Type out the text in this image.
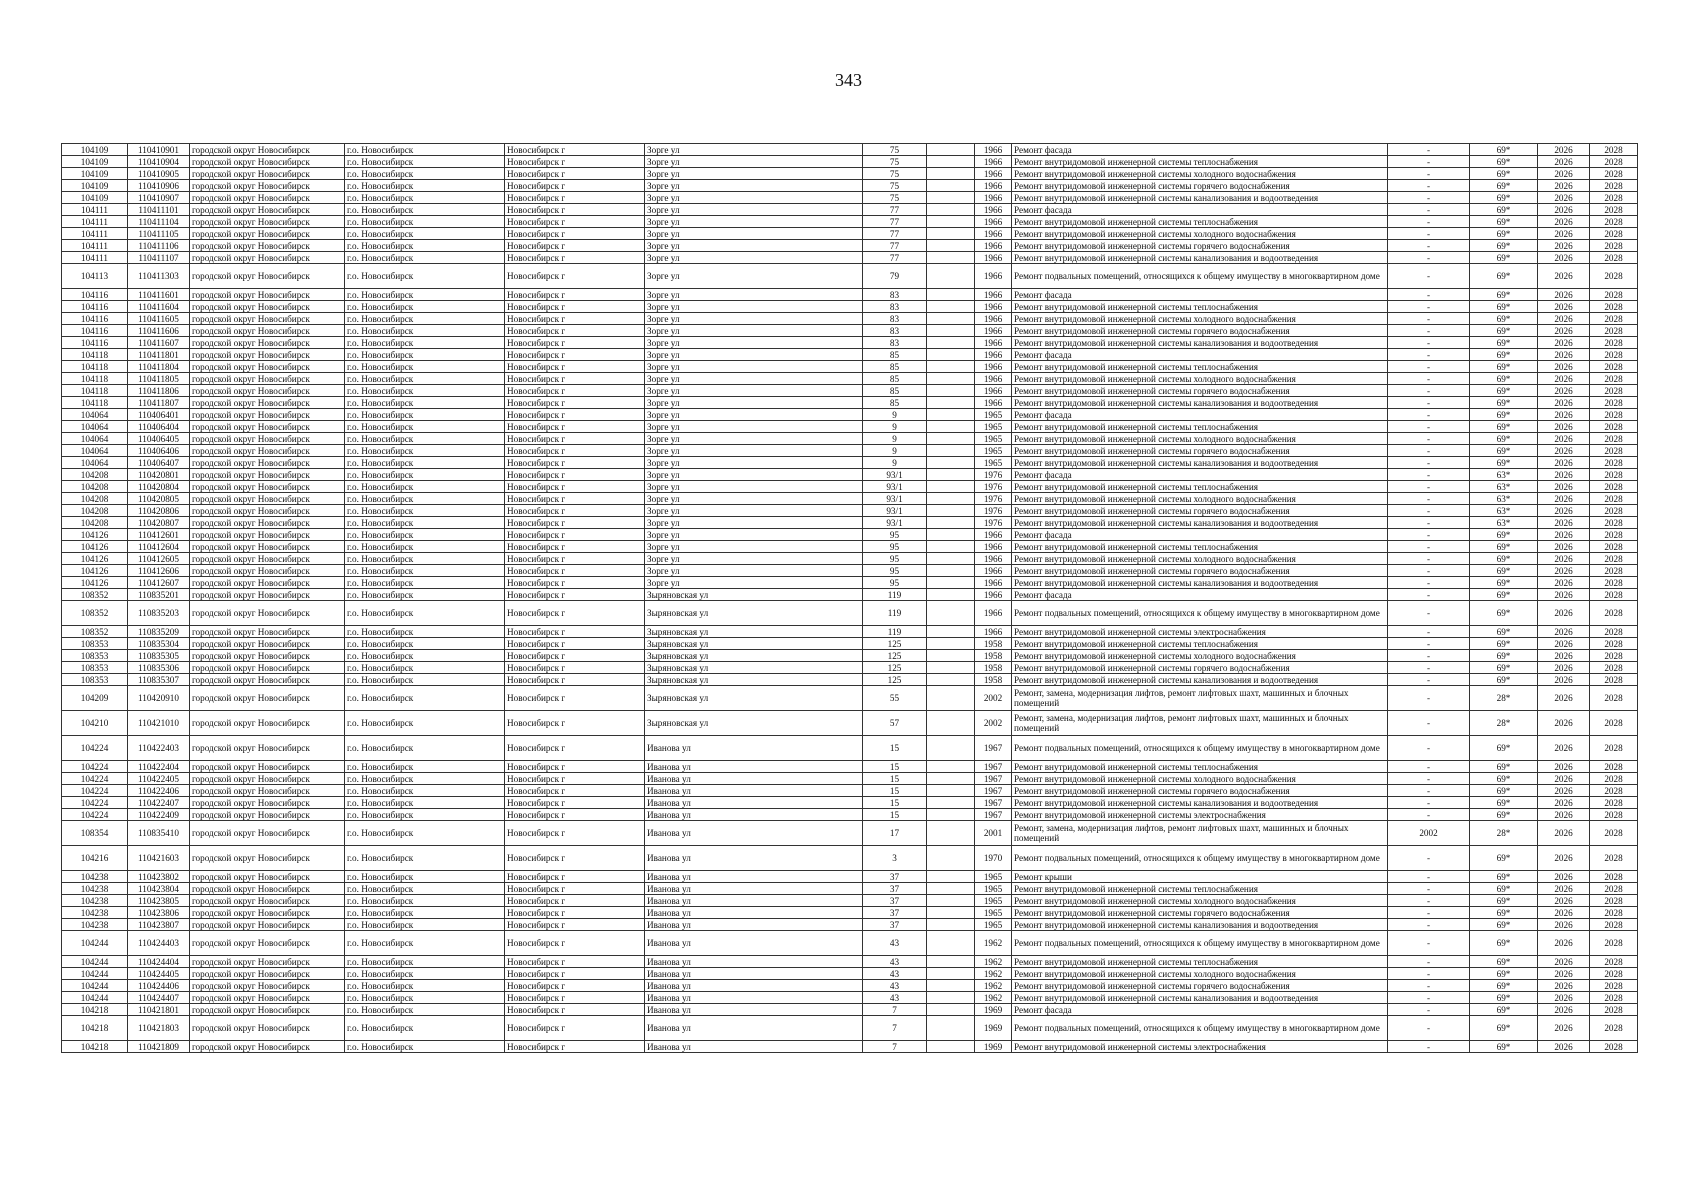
343
104109	110410901	городской округ Новосибирск	г.о. Новосибирск	Новосибирск г	Зорге ул	75		1966	Ремонт фасада	-	69*	2026	2028
104109	110410904	городской округ Новосибирск	г.о. Новосибирск	Новосибирск г	Зорге ул	75		1966	Ремонт внутридомовой инженерной системы теплоснабжения	-	69*	2026	2028
104109	110410905	городской округ Новосибирск	г.о. Новосибирск	Новосибирск г	Зорге ул	75		1966	Ремонт внутридомовой инженерной системы холодного водоснабжения	-	69*	2026	2028
104109	110410906	городской округ Новосибирск	г.о. Новосибирск	Новосибирск г	Зорге ул	75		1966	Ремонт внутридомовой инженерной системы горячего водоснабжения	-	69*	2026	2028
104109	110410907	городской округ Новосибирск	г.о. Новосибирск	Новосибирск г	Зорге ул	75		1966	Ремонт внутридомовой инженерной системы канализования и водоотведения	-	69*	2026	2028
104111	110411101	городской округ Новосибирск	г.о. Новосибирск	Новосибирск г	Зорге ул	77		1966	Ремонт фасада	-	69*	2026	2028
104111	110411104	городской округ Новосибирск	г.о. Новосибирск	Новосибирск г	Зорге ул	77		1966	Ремонт внутридомовой инженерной системы теплоснабжения	-	69*	2026	2028
104111	110411105	городской округ Новосибирск	г.о. Новосибирск	Новосибирск г	Зорге ул	77		1966	Ремонт внутридомовой инженерной системы холодного водоснабжения	-	69*	2026	2028
104111	110411106	городской округ Новосибирск	г.о. Новосибирск	Новосибирск г	Зорге ул	77		1966	Ремонт внутридомовой инженерной системы горячего водоснабжения	-	69*	2026	2028
104111	110411107	городской округ Новосибирск	г.о. Новосибирск	Новосибирск г	Зорге ул	77		1966	Ремонт внутридомовой инженерной системы канализования и водоотведения	-	69*	2026	2028
104113	110411303	городской округ Новосибирск	г.о. Новосибирск	Новосибирск г	Зорге ул	79		1966	Ремонт подвальных помещений, относящихся к общему имуществу в многоквартирном доме	-	69*	2026	2028
104116	110411601	городской округ Новосибирск	г.о. Новосибирск	Новосибирск г	Зорге ул	83		1966	Ремонт фасада	-	69*	2026	2028
104116	110411604	городской округ Новосибирск	г.о. Новосибирск	Новосибирск г	Зорге ул	83		1966	Ремонт внутридомовой инженерной системы теплоснабжения	-	69*	2026	2028
104116	110411605	городской округ Новосибирск	г.о. Новосибирск	Новосибирск г	Зорге ул	83		1966	Ремонт внутридомовой инженерной системы холодного водоснабжения	-	69*	2026	2028
104116	110411606	городской округ Новосибирск	г.о. Новосибирск	Новосибирск г	Зорге ул	83		1966	Ремонт внутридомовой инженерной системы горячего водоснабжения	-	69*	2026	2028
104116	110411607	городской округ Новосибирск	г.о. Новосибирск	Новосибирск г	Зорге ул	83		1966	Ремонт внутридомовой инженерной системы канализования и водоотведения	-	69*	2026	2028
104118	110411801	городской округ Новосибирск	г.о. Новосибирск	Новосибирск г	Зорге ул	85		1966	Ремонт фасада	-	69*	2026	2028
104118	110411804	городской округ Новосибирск	г.о. Новосибирск	Новосибирск г	Зорге ул	85		1966	Ремонт внутридомовой инженерной системы теплоснабжения	-	69*	2026	2028
104118	110411805	городской округ Новосибирск	г.о. Новосибирск	Новосибирск г	Зорге ул	85		1966	Ремонт внутридомовой инженерной системы холодного водоснабжения	-	69*	2026	2028
104118	110411806	городской округ Новосибирск	г.о. Новосибирск	Новосибирск г	Зорге ул	85		1966	Ремонт внутридомовой инженерной системы горячего водоснабжения	-	69*	2026	2028
104118	110411807	городской округ Новосибирск	г.о. Новосибирск	Новосибирск г	Зорге ул	85		1966	Ремонт внутридомовой инженерной системы канализования и водоотведения	-	69*	2026	2028
104064	110406401	городской округ Новосибирск	г.о. Новосибирск	Новосибирск г	Зорге ул	9		1965	Ремонт фасада	-	69*	2026	2028
104064	110406404	городской округ Новосибирск	г.о. Новосибирск	Новосибирск г	Зорге ул	9		1965	Ремонт внутридомовой инженерной системы теплоснабжения	-	69*	2026	2028
104064	110406405	городской округ Новосибирск	г.о. Новосибирск	Новосибирск г	Зорге ул	9		1965	Ремонт внутридомовой инженерной системы холодного водоснабжения	-	69*	2026	2028
104064	110406406	городской округ Новосибирск	г.о. Новосибирск	Новосибирск г	Зорге ул	9		1965	Ремонт внутридомовой инженерной системы горячего водоснабжения	-	69*	2026	2028
104064	110406407	городской округ Новосибирск	г.о. Новосибирск	Новосибирск г	Зорге ул	9		1965	Ремонт внутридомовой инженерной системы канализования и водоотведения	-	69*	2026	2028
104208	110420801	городской округ Новосибирск	г.о. Новосибирск	Новосибирск г	Зорге ул	93/1		1976	Ремонт фасада	-	63*	2026	2028
104208	110420804	городской округ Новосибирск	г.о. Новосибирск	Новосибирск г	Зорге ул	93/1		1976	Ремонт внутридомовой инженерной системы теплоснабжения	-	63*	2026	2028
104208	110420805	городской округ Новосибирск	г.о. Новосибирск	Новосибирск г	Зорге ул	93/1		1976	Ремонт внутридомовой инженерной системы холодного водоснабжения	-	63*	2026	2028
104208	110420806	городской округ Новосибирск	г.о. Новосибирск	Новосибирск г	Зорге ул	93/1		1976	Ремонт внутридомовой инженерной системы горячего водоснабжения	-	63*	2026	2028
104208	110420807	городской округ Новосибирск	г.о. Новосибирск	Новосибирск г	Зорге ул	93/1		1976	Ремонт внутридомовой инженерной системы канализования и водоотведения	-	63*	2026	2028
104126	110412601	городской округ Новосибирск	г.о. Новосибирск	Новосибирск г	Зорге ул	95		1966	Ремонт фасада	-	69*	2026	2028
104126	110412604	городской округ Новосибирск	г.о. Новосибирск	Новосибирск г	Зорге ул	95		1966	Ремонт внутридомовой инженерной системы теплоснабжения	-	69*	2026	2028
104126	110412605	городской округ Новосибирск	г.о. Новосибирск	Новосибирск г	Зорге ул	95		1966	Ремонт внутридомовой инженерной системы холодного водоснабжения	-	69*	2026	2028
104126	110412606	городской округ Новосибирск	г.о. Новосибирск	Новосибирск г	Зорге ул	95		1966	Ремонт внутридомовой инженерной системы горячего водоснабжения	-	69*	2026	2028
104126	110412607	городской округ Новосибирск	г.о. Новосибирск	Новосибирск г	Зорге ул	95		1966	Ремонт внутридомовой инженерной системы канализования и водоотведения	-	69*	2026	2028
108352	110835201	городской округ Новосибирск	г.о. Новосибирск	Новосибирск г	Зыряновская ул	119		1966	Ремонт фасада	-	69*	2026	2028
108352	110835203	городской округ Новосибирск	г.о. Новосибирск	Новосибирск г	Зыряновская ул	119		1966	Ремонт подвальных помещений, относящихся к общему имуществу в многоквартирном доме	-	69*	2026	2028
108352	110835209	городской округ Новосибирск	г.о. Новосибирск	Новосибирск г	Зыряновская ул	119		1966	Ремонт внутридомовой инженерной системы электроснабжения	-	69*	2026	2028
108353	110835304	городской округ Новосибирск	г.о. Новосибирск	Новосибирск г	Зыряновская ул	125		1958	Ремонт внутридомовой инженерной системы теплоснабжения	-	69*	2026	2028
108353	110835305	городской округ Новосибирск	г.о. Новосибирск	Новосибирск г	Зыряновская ул	125		1958	Ремонт внутридомовой инженерной системы холодного водоснабжения	-	69*	2026	2028
108353	110835306	городской округ Новосибирск	г.о. Новосибирск	Новосибирск г	Зыряновская ул	125		1958	Ремонт внутридомовой инженерной системы горячего водоснабжения	-	69*	2026	2028
108353	110835307	городской округ Новосибирск	г.о. Новосибирск	Новосибирск г	Зыряновская ул	125		1958	Ремонт внутридомовой инженерной системы канализования и водоотведения	-	69*	2026	2028
104209	110420910	городской округ Новосибирск	г.о. Новосибирск	Новосибирск г	Зыряновская ул	55		2002	Ремонт, замена, модернизация лифтов, ремонт лифтовых шахт, машинных и блочных помещений	-	28*	2026	2028
104210	110421010	городской округ Новосибирск	г.о. Новосибирск	Новосибирск г	Зыряновская ул	57		2002	Ремонт, замена, модернизация лифтов, ремонт лифтовых шахт, машинных и блочных помещений	-	28*	2026	2028
104224	110422403	городской округ Новосибирск	г.о. Новосибирск	Новосибирск г	Иванова ул	15		1967	Ремонт подвальных помещений, относящихся к общему имуществу в многоквартирном доме	-	69*	2026	2028
104224	110422404	городской округ Новосибирск	г.о. Новосибирск	Новосибирск г	Иванова ул	15		1967	Ремонт внутридомовой инженерной системы теплоснабжения	-	69*	2026	2028
104224	110422405	городской округ Новосибирск	г.о. Новосибирск	Новосибирск г	Иванова ул	15		1967	Ремонт внутридомовой инженерной системы холодного водоснабжения	-	69*	2026	2028
104224	110422406	городской округ Новосибирск	г.о. Новосибирск	Новосибирск г	Иванова ул	15		1967	Ремонт внутридомовой инженерной системы горячего водоснабжения	-	69*	2026	2028
104224	110422407	городской округ Новосибирск	г.о. Новосибирск	Новосибирск г	Иванова ул	15		1967	Ремонт внутридомовой инженерной системы канализования и водоотведения	-	69*	2026	2028
104224	110422409	городской округ Новосибирск	г.о. Новосибирск	Новосибирск г	Иванова ул	15		1967	Ремонт внутридомовой инженерной системы электроснабжения	-	69*	2026	2028
108354	110835410	городской округ Новосибирск	г.о. Новосибирск	Новосибирск г	Иванова ул	17		2001	Ремонт, замена, модернизация лифтов, ремонт лифтовых шахт, машинных и блочных помещений	2002	28*	2026	2028
104216	110421603	городской округ Новосибирск	г.о. Новосибирск	Новосибирск г	Иванова ул	3		1970	Ремонт подвальных помещений, относящихся к общему имуществу в многоквартирном доме	-	69*	2026	2028
104238	110423802	городской округ Новосибирск	г.о. Новосибирск	Новосибирск г	Иванова ул	37		1965	Ремонт крыши	-	69*	2026	2028
104238	110423804	городской округ Новосибирск	г.о. Новосибирск	Новосибирск г	Иванова ул	37		1965	Ремонт внутридомовой инженерной системы теплоснабжения	-	69*	2026	2028
104238	110423805	городской округ Новосибирск	г.о. Новосибирск	Новосибирск г	Иванова ул	37		1965	Ремонт внутридомовой инженерной системы холодного водоснабжения	-	69*	2026	2028
104238	110423806	городской округ Новосибирск	г.о. Новосибирск	Новосибирск г	Иванова ул	37		1965	Ремонт внутридомовой инженерной системы горячего водоснабжения	-	69*	2026	2028
104238	110423807	городской округ Новосибирск	г.о. Новосибирск	Новосибирск г	Иванова ул	37		1965	Ремонт внутридомовой инженерной системы канализования и водоотведения	-	69*	2026	2028
104244	110424403	городской округ Новосибирск	г.о. Новосибирск	Новосибирск г	Иванова ул	43		1962	Ремонт подвальных помещений, относящихся к общему имуществу в многоквартирном доме	-	69*	2026	2028
104244	110424404	городской округ Новосибирск	г.о. Новосибирск	Новосибирск г	Иванова ул	43		1962	Ремонт внутридомовой инженерной системы теплоснабжения	-	69*	2026	2028
104244	110424405	городской округ Новосибирск	г.о. Новосибирск	Новосибирск г	Иванова ул	43		1962	Ремонт внутридомовой инженерной системы холодного водоснабжения	-	69*	2026	2028
104244	110424406	городской округ Новосибирск	г.о. Новосибирск	Новосибирск г	Иванова ул	43		1962	Ремонт внутридомовой инженерной системы горячего водоснабжения	-	69*	2026	2028
104244	110424407	городской округ Новосибирск	г.о. Новосибирск	Новосибирск г	Иванова ул	43		1962	Ремонт внутридомовой инженерной системы канализования и водоотведения	-	69*	2026	2028
104218	110421801	городской округ Новосибирск	г.о. Новосибирск	Новосибирск г	Иванова ул	7		1969	Ремонт фасада	-	69*	2026	2028
104218	110421803	городской округ Новосибирск	г.о. Новосибирск	Новосибирск г	Иванова ул	7		1969	Ремонт подвальных помещений, относящихся к общему имуществу в многоквартирном доме	-	69*	2026	2028
104218	110421809	городской округ Новосибирск	г.о. Новосибирск	Новосибирск г	Иванова ул	7		1969	Ремонт внутридомовой инженерной системы электроснабжения	-	69*	2026	2028
